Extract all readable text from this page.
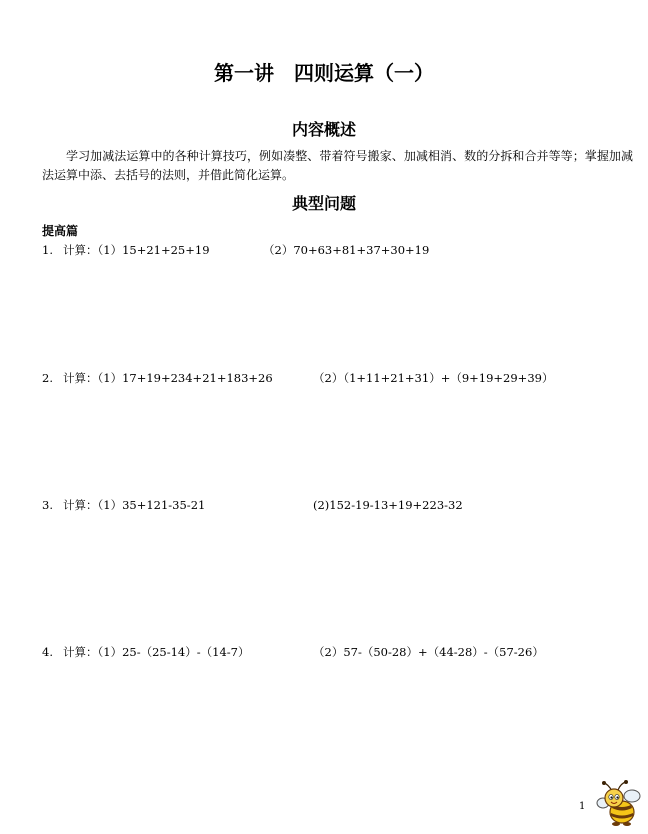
第一讲　四则运算（一）
内容概述
学习加减法运算中的各种计算技巧，例如凑整、带着符号搬家、加减相消、数的分拆和合并等等；掌握加减法运算中添、去括号的法则，并借此简化运算。
典型问题
提高篇
1. 计算：（1）15+21+25+19	（2）70+63+81+37+30+19
2. 计算：（1）17+19+234+21+183+26	（2）（1+11+21+31）+（9+19+29+39）
3. 计算：（1）35+121-35-21	(2)152-19-13+19+223-32
4. 计算：（1）25-（25-14）-（14-7）	（2）57-（50-28）+（44-28）-（57-26）
1
